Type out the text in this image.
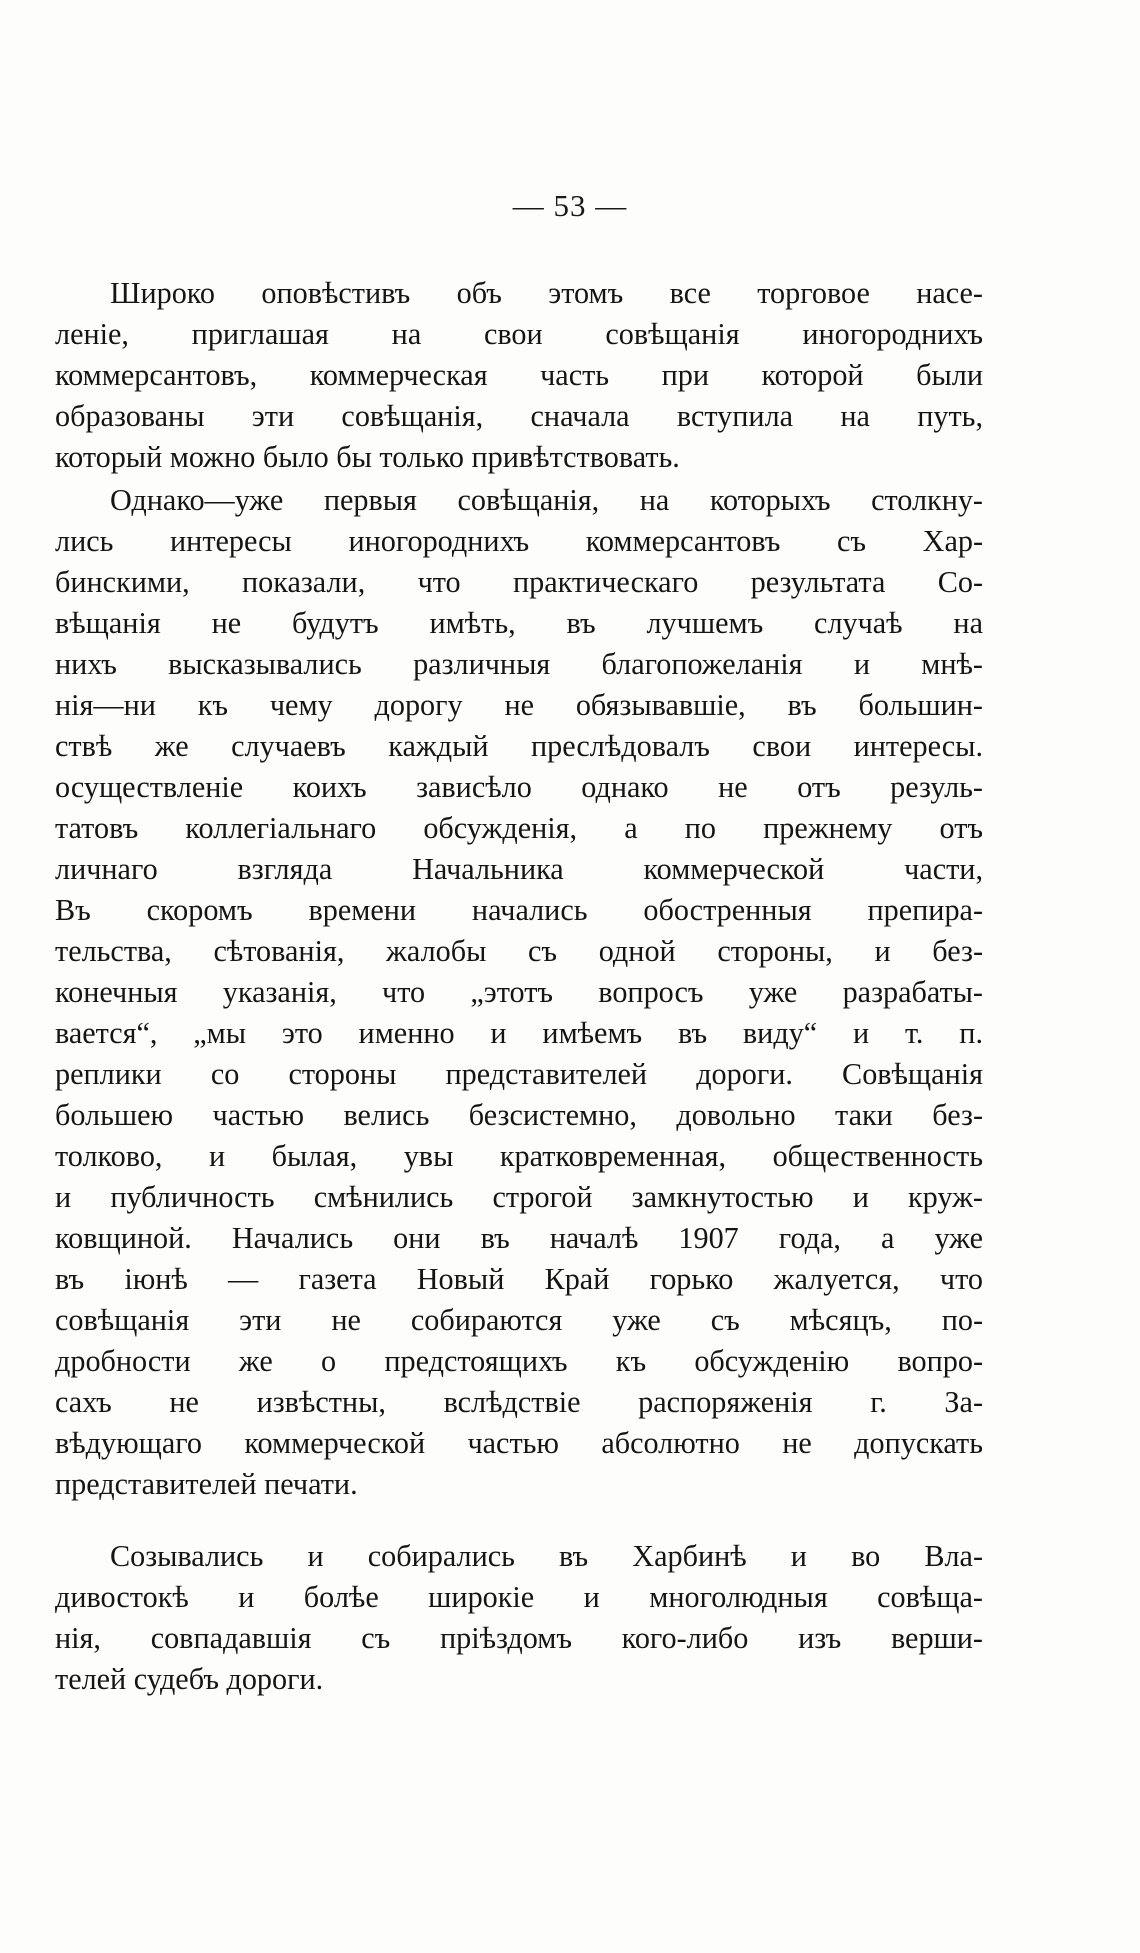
— 53 —
Широко оповѣстивъ объ этомъ все торговое насе-
леніе, приглашая на свои совѣщанія иногороднихъ
коммерсантовъ, коммерческая часть при которой были
образованы эти совѣщанія, сначала вступила на путь,
который можно было бы только привѣтствовать.
Однако—уже первыя совѣщанія, на которыхъ столкну-
лись интересы иногороднихъ коммерсантовъ съ Хар-
бинскими, показали, что практическаго результата Со-
вѣщанія не будутъ имѣть, въ лучшемъ случаѣ на
нихъ высказывались различныя благопожеланія и мнѣ-
нія—ни къ чему дорогу не обязывавшіе, въ большин-
ствѣ же случаевъ каждый преслѣдовалъ свои интересы.
осуществленіе коихъ зависѣло однако не отъ резуль-
татовъ коллегіальнаго обсужденія, а по прежнему отъ
личнаго взгляда Начальника коммерческой части,
Въ скоромъ времени начались обостренныя препира-
тельства, сѣтованія, жалобы съ одной стороны, и без-
конечныя указанія, что „этотъ вопросъ уже разрабаты-
вается“, „мы это именно и имѣемъ въ виду“ и т. п.
реплики со стороны представителей дороги. Совѣщанія
большею частью велись безсистемно, довольно таки без-
толково, и былая, увы кратковременная, общественность
и публичность смѣнились строгой замкнутостью и круж-
ковщиной. Начались они въ началѣ 1907 года, а уже
въ іюнѣ — газета Новый Край горько жалуется, что
совѣщанія эти не собираются уже съ мѣсяцъ, по-
дробности же о предстоящихъ къ обсужденію вопро-
сахъ не извѣстны, вслѣдствіе распоряженія г. За-
вѣдующаго коммерческой частью абсолютно не допускать
представителей печати.
Созывались и собирались въ Харбинѣ и во Вла-
дивостокѣ и болѣе широкіе и многолюдныя совѣща-
нія, совпадавшія съ пріѣздомъ кого-либо изъ верши-
телей судебъ дороги.
